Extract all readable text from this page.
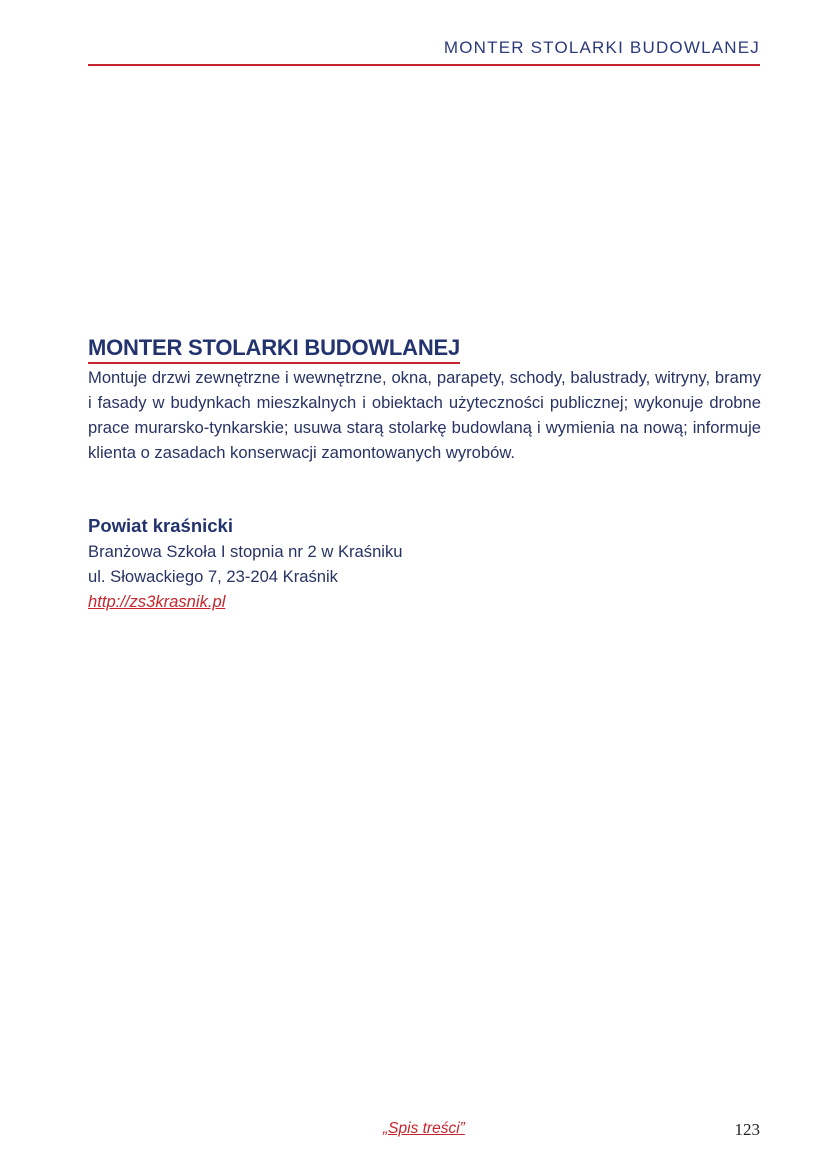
MONTER STOLARKI BUDOWLANEJ
MONTER STOLARKI BUDOWLANEJ

Montuje drzwi zewnętrzne i wewnętrzne, okna, parapety, schody, balustrady, witryny, bramy i fasady w budynkach mieszkalnych i obiektach użyteczności publicznej; wykonuje drobne prace murarsko-tynkarskie; usuwa starą stolarkę budowlaną i wymienia na nową; informuje klienta o zasadach konserwacji zamontowanych wyrobów.

Powiat kraśnicki
Branżowa Szkoła I stopnia nr 2 w Kraśniku
ul. Słowackiego 7, 23-204 Kraśnik
http://zs3krasnik.pl
„Spis treści”	123
